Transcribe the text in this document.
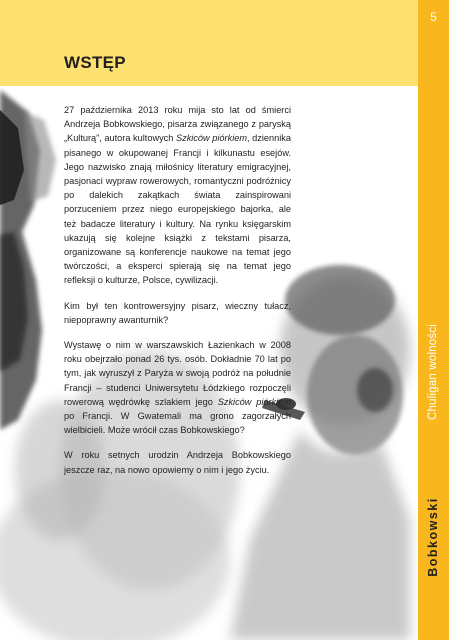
WSTĘP
5
Chuligan wolności
Bobkowski

27 października 2013 roku mija sto lat od śmierci Andrzeja Bobkowskiego, pisarza związanego z paryską „Kulturą”, autora kultowych Szkiców piórkiem, dziennika pisanego w okupowanej Francji i kilkunastu esejów. Jego nazwisko znają miłośnicy literatury emigracyjnej, pasjonaci wypraw rowerowych, romantyczni podróżnicy po dalekich zakątkach świata zainspirowani porzuceniem przez niego europejskiego bajorka, ale też badacze literatury i kultury. Na rynku księgarskim ukazują się kolejne książki z tekstami pisarza, organizowane są konferencje naukowe na temat jego twórczości, a eksperci spierają się na temat jego refleksji o kulturze, Polsce, cywilizacji.

Kim był ten kontrowersyjny pisarz, wieczny tułacz, niepoprawny awanturnik?

Wystawę o nim w warszawskich Łazienkach w 2008 roku obejrzało ponad 26 tys. osób. Dokładnie 70 lat po tym, jak wyruszył z Paryża w swoją podróż na południe Francji – studenci Uniwersytetu Łódzkiego rozpoczęli rowerową wędrówkę szlakiem jego Szkiców piórkiem po Francji. W Gwatemali ma grono zagorzałych wielbicieli. Może wrócił czas Bobkowskiego?

W roku setnych urodzin Andrzeja Bobkowskiego jeszcze raz, na nowo opowiemy o nim i jego życiu.
